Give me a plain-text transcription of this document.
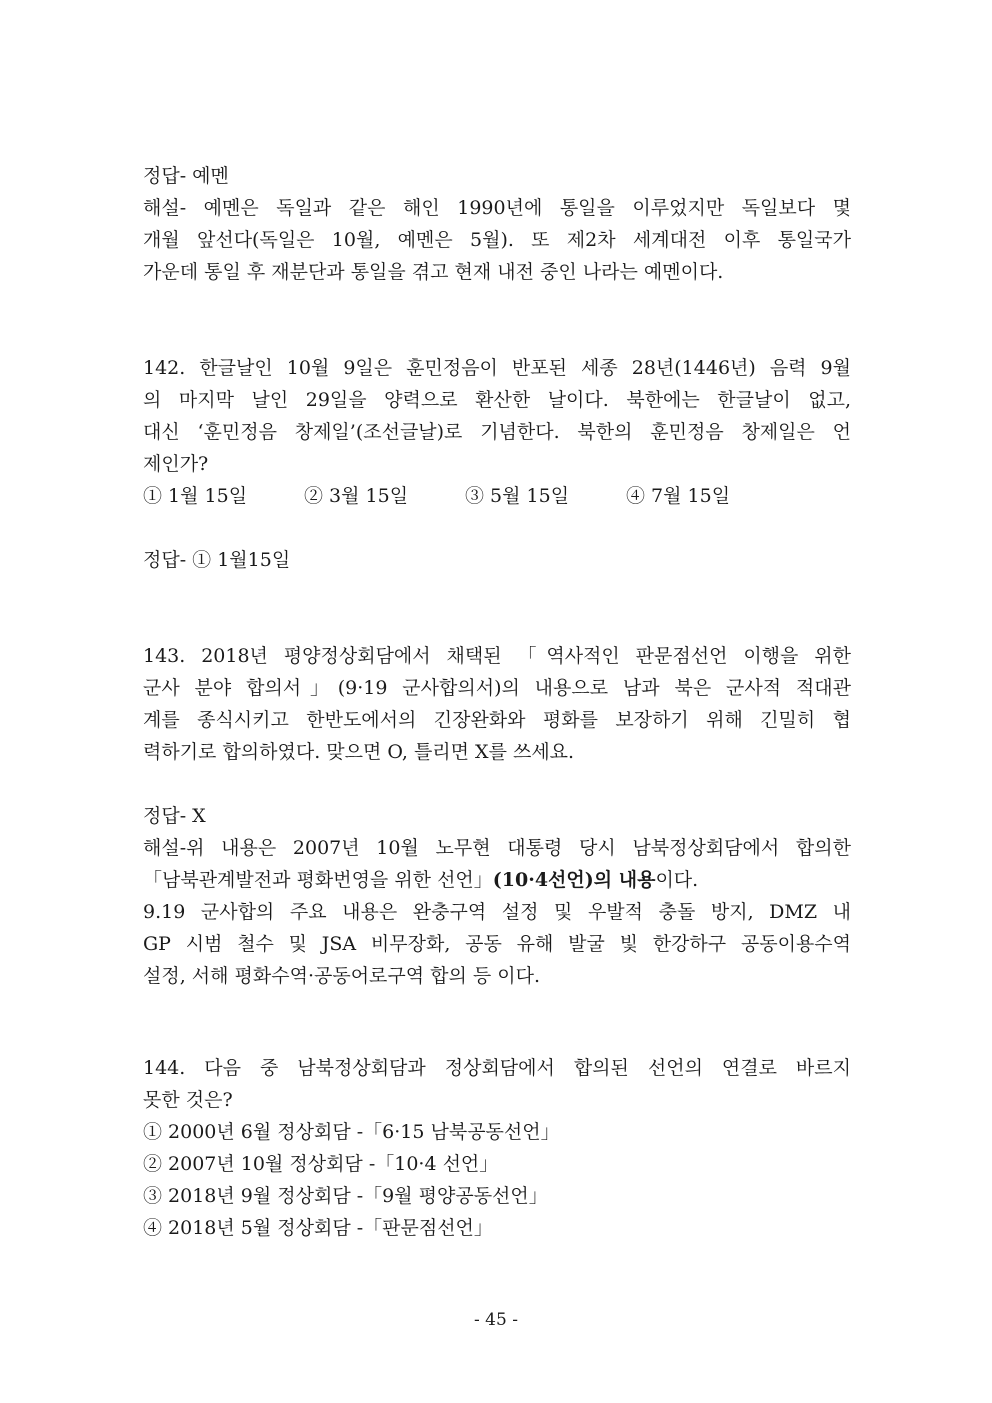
정답- 예멘
해설- 예멘은 독일과 같은 해인 1990년에 통일을 이루었지만 독일보다 몇
개월 앞선다(독일은 10월, 예멘은 5월). 또 제2차 세계대전 이후 통일국가
가운데 통일 후 재분단과 통일을 겪고 현재 내전 중인 나라는 예멘이다.
142. 한글날인 10월 9일은 훈민정음이 반포된 세종 28년(1446년) 음력 9월
의 마지막 날인 29일을 양력으로 환산한 날이다. 북한에는 한글날이 없고,
대신 ‘훈민정음 창제일’(조선글날)로 기념한다. 북한의 훈민정음 창제일은 언
제인가?
① 1월 15일	② 3월 15일	③ 5월 15일	④ 7월 15일
정답- ① 1월15일
143. 2018년 평양정상회담에서 채택된 「역사적인 판문점선언 이행을 위한
군사 분야 합의서」(9·19 군사합의서)의 내용으로 남과 북은 군사적 적대관
계를 종식시키고 한반도에서의 긴장완화와 평화를 보장하기 위해 긴밀히 협
력하기로 합의하였다. 맞으면 O, 틀리면 X를 쓰세요.
정답- X
해설-위 내용은 2007년 10월 노무현 대통령 당시 남북정상회담에서 합의한
「남북관계발전과 평화번영을 위한 선언」(10·4선언)의 내용이다.
9.19 군사합의 주요 내용은 완충구역 설정 및 우발적 충돌 방지, DMZ 내
GP 시범 철수 및 JSA 비무장화, 공동 유해 발굴 빛 한강하구 공동이용수역
설정, 서해 평화수역·공동어로구역 합의 등 이다.
144. 다음 중 남북정상회담과 정상회담에서 합의된 선언의 연결로 바르지
못한 것은?
① 2000년 6월 정상회담 -「6·15 남북공동선언」
② 2007년 10월 정상회담 -「10·4 선언」
③ 2018년 9월 정상회담 -「9월 평양공동선언」
④ 2018년 5월 정상회담 -「판문점선언」
- 45 -
